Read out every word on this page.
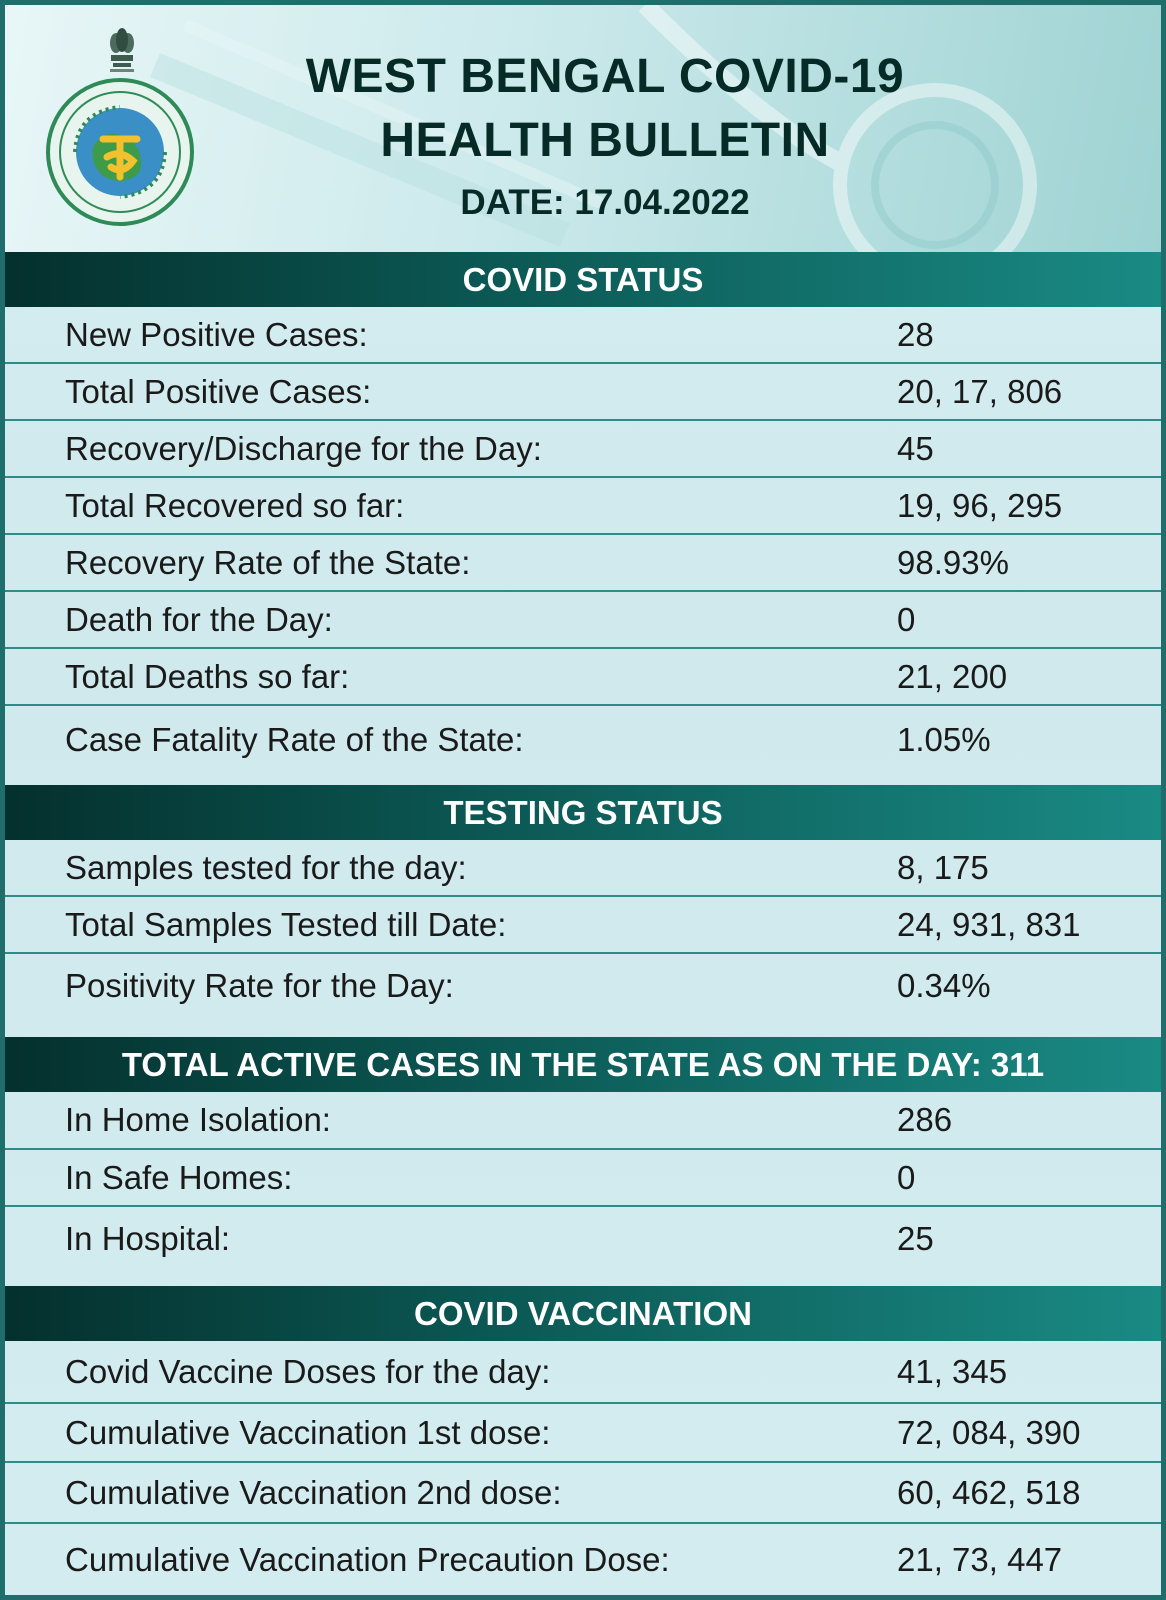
WEST BENGAL COVID-19
HEALTH BULLETIN
DATE: 17.04.2022
COVID STATUS
New Positive Cases:	28
Total Positive Cases:	20, 17, 806
Recovery/Discharge for the Day:	45
Total Recovered so far:	19, 96, 295
Recovery Rate of the State:	98.93%
Death for the Day:	0
Total Deaths so far:	21, 200
Case Fatality Rate of the State:	1.05%
TESTING STATUS
Samples tested for the day:	8, 175
Total Samples Tested till Date:	24, 931, 831
Positivity Rate for the Day:	0.34%
TOTAL ACTIVE CASES IN THE STATE AS ON THE DAY: 311
In Home Isolation:	286
In Safe Homes:	0
In Hospital:	25
COVID VACCINATION
Covid Vaccine Doses for the day:	41, 345
Cumulative Vaccination 1st dose:	72, 084, 390
Cumulative Vaccination 2nd dose:	60, 462, 518
Cumulative Vaccination Precaution Dose:	21, 73, 447
